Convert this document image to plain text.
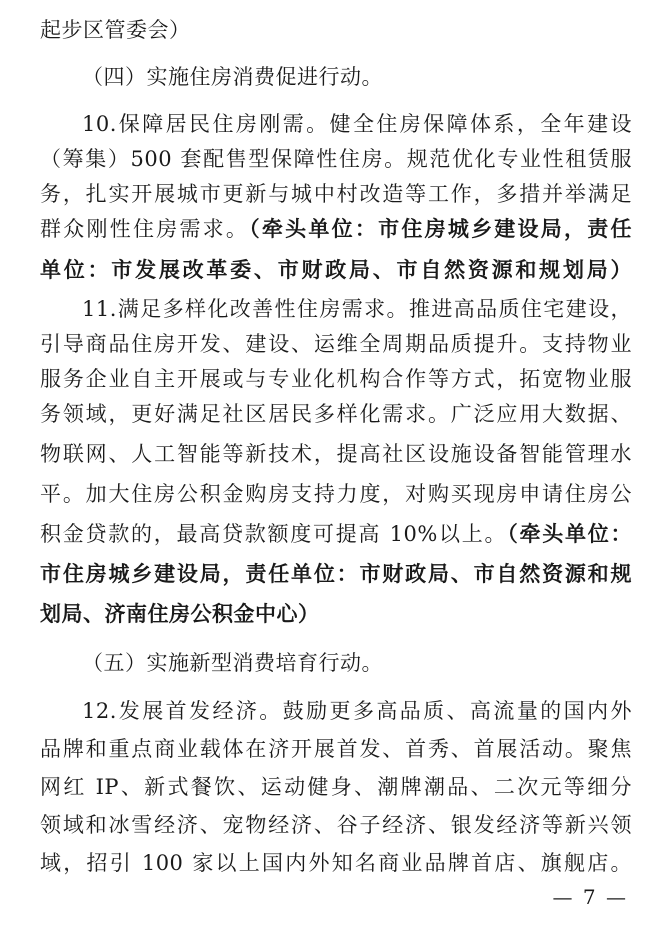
起步区管委会）
（四）实施住房消费促进行动。
10.保障居民住房刚需。健全住房保障体系，全年建设
（筹集）500 套配售型保障性住房。规范优化专业性租赁服
务，扎实开展城市更新与城中村改造等工作，多措并举满足
群众刚性住房需求。（牵头单位：市住房城乡建设局，责任
单位：市发展改革委、市财政局、市自然资源和规划局）
11.满足多样化改善性住房需求。推进高品质住宅建设，
引导商品住房开发、建设、运维全周期品质提升。支持物业
服务企业自主开展或与专业化机构合作等方式，拓宽物业服
务领域，更好满足社区居民多样化需求。广泛应用大数据、
物联网、人工智能等新技术，提高社区设施设备智能管理水
平。加大住房公积金购房支持力度，对购买现房申请住房公
积金贷款的，最高贷款额度可提高 10%以上。（牵头单位：
市住房城乡建设局，责任单位：市财政局、市自然资源和规
划局、济南住房公积金中心）
（五）实施新型消费培育行动。
12.发展首发经济。鼓励更多高品质、高流量的国内外
品牌和重点商业载体在济开展首发、首秀、首展活动。聚焦
网红 IP、新式餐饮、运动健身、潮牌潮品、二次元等细分
领域和冰雪经济、宠物经济、谷子经济、银发经济等新兴领
域，招引 100 家以上国内外知名商业品牌首店、旗舰店。
— 7 —
